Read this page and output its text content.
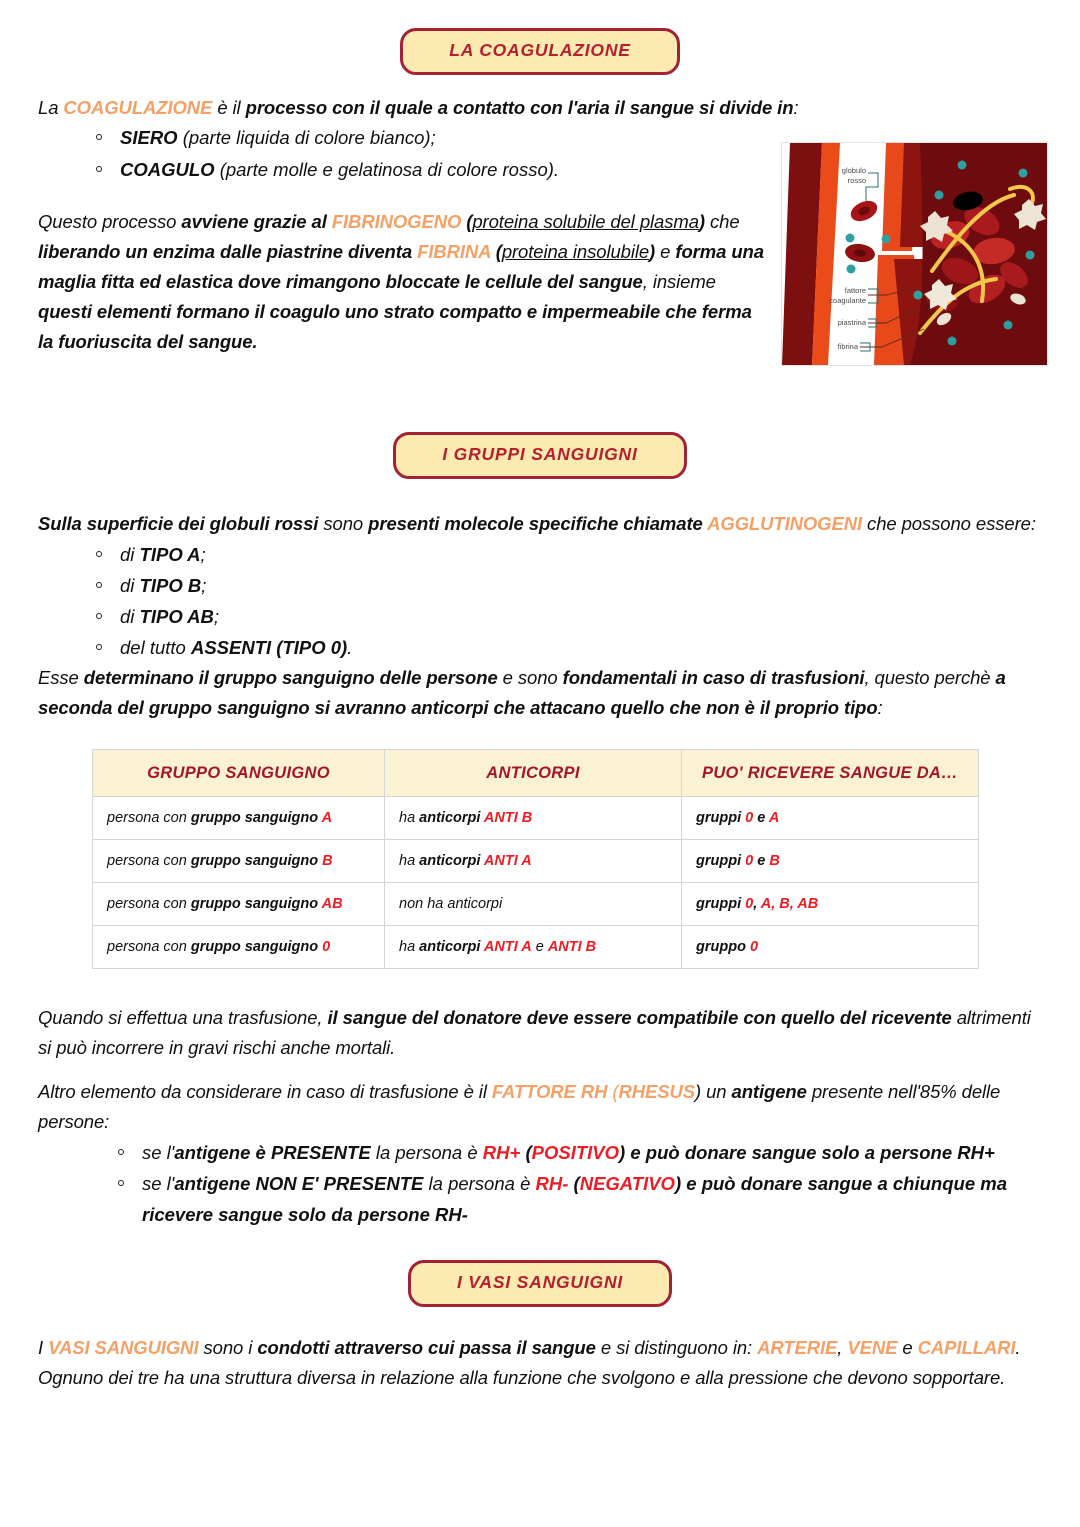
LA COAGULAZIONE

La COAGULAZIONE è il processo con il quale a contatto con l'aria il sangue si divide in:

SIERO (parte liquida di colore bianco);
COAGULO (parte molle e gelatinosa di colore rosso).

Questo processo avviene grazie al FIBRINOGENO (proteina solubile del plasma) che liberando un enzima dalle piastrine diventa FIBRINA (proteina insolubile) e forma una maglia fitta ed elastica dove rimangono bloccate le cellule del sangue, insieme questi elementi formano il coagulo uno strato compatto e impermeabile che ferma la fuoriuscita del sangue.

globulo
rosso
fattore
coagulante
piastrina
fibrina
I GRUPPI SANGUIGNI

Sulla superficie dei globuli rossi sono presenti molecole specifiche chiamate AGGLUTINOGENI che possono essere:

di TIPO A;
di TIPO B;
di TIPO AB;
del tutto ASSENTI (TIPO 0).

Esse determinano il gruppo sanguigno delle persone e sono fondamentali in caso di trasfusioni, questo perchè a seconda del gruppo sanguigno si avranno anticorpi che attacano quello che non è il proprio tipo:

GRUPPO SANGUIGNO	ANTICORPI	PUO' RICEVERE SANGUE DA…
persona con gruppo sanguigno A	ha anticorpi ANTI B	gruppi 0 e A
persona con gruppo sanguigno B	ha anticorpi ANTI A	gruppi 0 e B
persona con gruppo sanguigno AB	non ha anticorpi	gruppi 0, A, B, AB
persona con gruppo sanguigno 0	ha anticorpi ANTI A e ANTI B	gruppo 0

Quando si effettua una trasfusione, il sangue del donatore deve essere compatibile con quello del ricevente altrimenti si può incorrere in gravi rischi anche mortali.

Altro elemento da considerare in caso di trasfusione è il FATTORE RH (RHESUS) un antigene presente nell'85% delle persone:

se l'antigene è PRESENTE la persona è RH+ (POSITIVO) e può donare sangue solo a persone RH+
se l'antigene NON E' PRESENTE la persona è RH- (NEGATIVO) e può donare sangue a chiunque ma ricevere sangue solo da persone RH-
I VASI SANGUIGNI

I VASI SANGUIGNI sono i condotti attraverso cui passa il sangue e si distinguono in: ARTERIE, VENE e CAPILLARI. Ognuno dei tre ha una struttura diversa in relazione alla funzione che svolgono e alla pressione che devono sopportare.
